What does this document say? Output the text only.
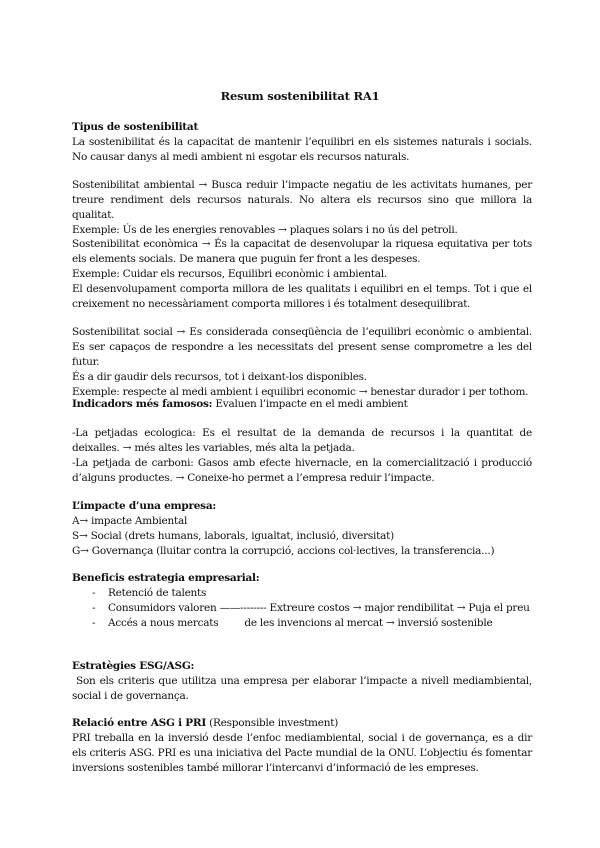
Resum sostenibilitat RA1

Tipus de sostenibilitat

La sostenibilitat és la capacitat de mantenir l’equilibri en els sistemes naturals i socials. No causar danys al medi ambient ni esgotar els recursos naturals.

Sostenibilitat ambiental → Busca reduir l’impacte negatiu de les activitats humanes, per treure rendiment dels recursos naturals. No altera els recursos sino que millora la qualitat.

Exemple: Ús de les energies renovables → plaques solars i no ús del petroli.

Sostenibilitat econòmica → És la capacitat de desenvolupar la riquesa equitativa per tots els elements socials. De manera que puguin fer front a les despeses.

Exemple: Cuidar els recursos, Equilibri econòmic i ambiental.

El desenvolupament comporta millora de les qualitats i equilibri en el temps. Tot i que el creixement no necessàriament comporta millores i és totalment desequilibrat.

Sostenibilitat social → Es considerada conseqüència de l’equilibri econòmic o ambiental. Es ser capaços de respondre a les necessitats del present sense comprometre a les del futur.

És a dir gaudir dels recursos, tot i deixant-los disponibles.

Exemple: respecte al medi ambient i equilibri economic → benestar durador i per tothom.

Indicadors més famosos: Evaluen l’impacte en el medi ambient

-La petjadas ecologica: Es el resultat de la demanda de recursos i la quantitat de deixalles. → més altes les variables, més alta la petjada.

-La petjada de carboni: Gasos amb efecte hivernacle, en la comercialització i producció d’alguns productes. → Coneixe-ho permet a l’empresa reduir l’impacte.

L’impacte d’una empresa:

A→ impacte Ambiental

S→ Social (drets humans, laborals, igualtat, inclusió, diversitat)

G→ Governança (lluitar contra la corrupció, accions col·lectives, la transferencia...)

Beneficis estrategia empresarial:

- Retenció de talents
- Consumidors valoren ——-------- Extreure costos → major rendibilitat → Puja el preu
- Accés a nous mercats de les invencions al mercat → inversió sostenible

Estratègies ESG/ASG:

Son els criteris que utilitza una empresa per elaborar l’impacte a nivell mediambiental, social i de governança.

Relació entre ASG i PRI (Responsible investment)

PRI treballa en la inversió desde l’enfoc mediambiental, social i de governança, es a dir els criteris ASG. PRI es una iniciativa del Pacte mundial de la ONU. L’objectiu és fomentar inversions sostenibles també millorar l’intercanvi d’informació de les empreses.
